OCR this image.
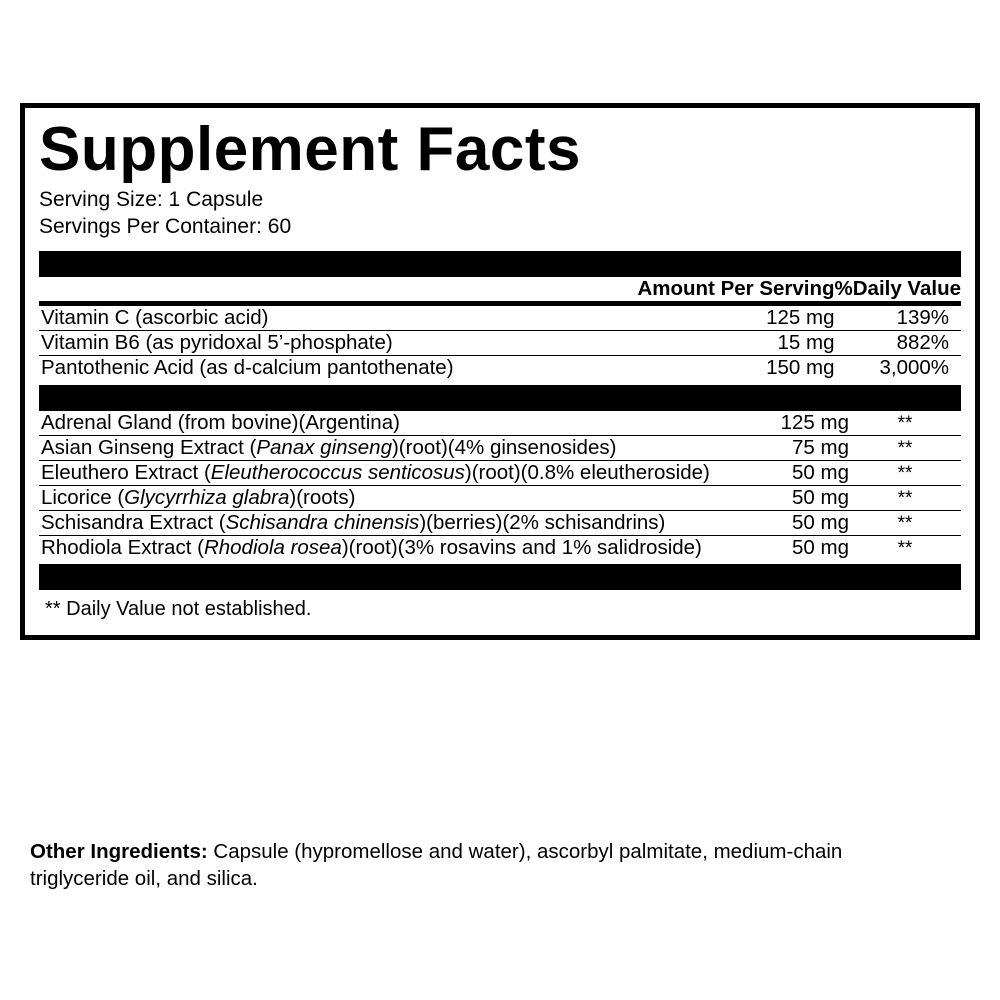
Supplement Facts
Serving Size: 1 Capsule
Servings Per Container: 60
	Amount Per Serving	%Daily Value

Vitamin C (ascorbic acid)	125 mg	139%

Vitamin B6 (as pyridoxal 5’-phosphate)	15 mg	882%

Pantothenic Acid (as d-calcium pantothenate)	150 mg	3,000%
Adrenal Gland (from bovine)(Argentina)	125 mg	**

Asian Ginseng Extract (Panax ginseng)(root)(4% ginsenosides)	75 mg	**

Eleuthero Extract (Eleutherococcus senticosus)(root)(0.8% eleutheroside)	50 mg	**

Licorice (Glycyrrhiza glabra)(roots)	50 mg	**

Schisandra Extract (Schisandra chinensis)(berries)(2% schisandrins)	50 mg	**

Rhodiola Extract (Rhodiola rosea)(root)(3% rosavins and 1% salidroside)	50 mg	**
** Daily Value not established.
Other Ingredients: Capsule (hypromellose and water), ascorbyl palmitate, medium-chain triglyceride oil, and silica.
